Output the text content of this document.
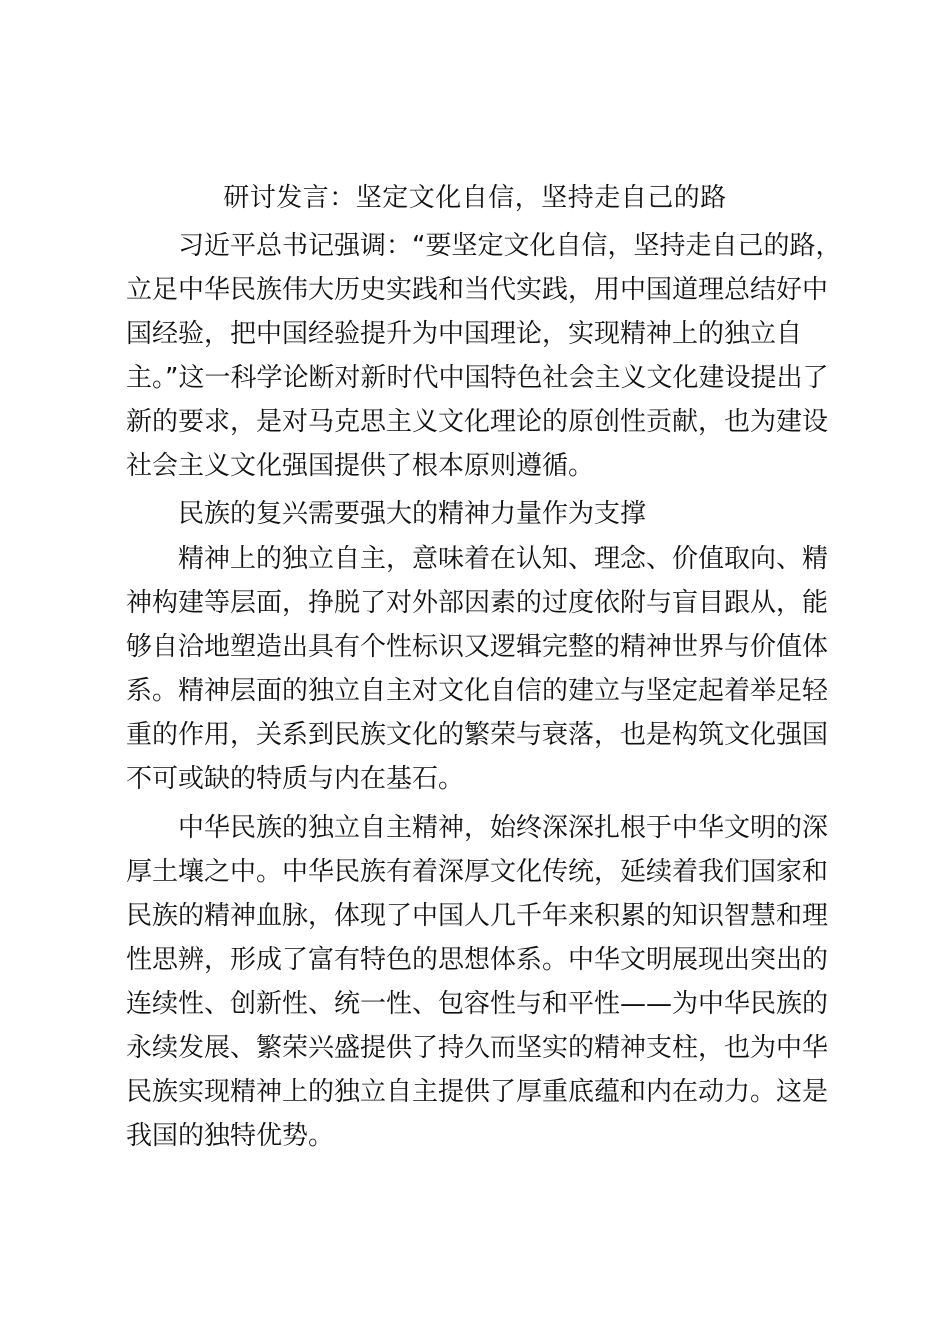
研讨发言：坚定文化自信，坚持走自己的路
习近平总书记强调：“要坚定文化自信，坚持走自己的路，
立足中华民族伟大历史实践和当代实践，用中国道理总结好中
国经验，把中国经验提升为中国理论，实现精神上的独立自
主。”这一科学论断对新时代中国特色社会主义文化建设提出了
新的要求，是对马克思主义文化理论的原创性贡献，也为建设
社会主义文化强国提供了根本原则遵循。
民族的复兴需要强大的精神力量作为支撑
精神上的独立自主，意味着在认知、理念、价值取向、精
神构建等层面，挣脱了对外部因素的过度依附与盲目跟从，能
够自洽地塑造出具有个性标识又逻辑完整的精神世界与价值体
系。精神层面的独立自主对文化自信的建立与坚定起着举足轻
重的作用，关系到民族文化的繁荣与衰落，也是构筑文化强国
不可或缺的特质与内在基石。
中华民族的独立自主精神，始终深深扎根于中华文明的深
厚土壤之中。中华民族有着深厚文化传统，延续着我们国家和
民族的精神血脉，体现了中国人几千年来积累的知识智慧和理
性思辨，形成了富有特色的思想体系。中华文明展现出突出的
连续性、创新性、统一性、包容性与和平性——为中华民族的
永续发展、繁荣兴盛提供了持久而坚实的精神支柱，也为中华
民族实现精神上的独立自主提供了厚重底蕴和内在动力。这是
我国的独特优势。
